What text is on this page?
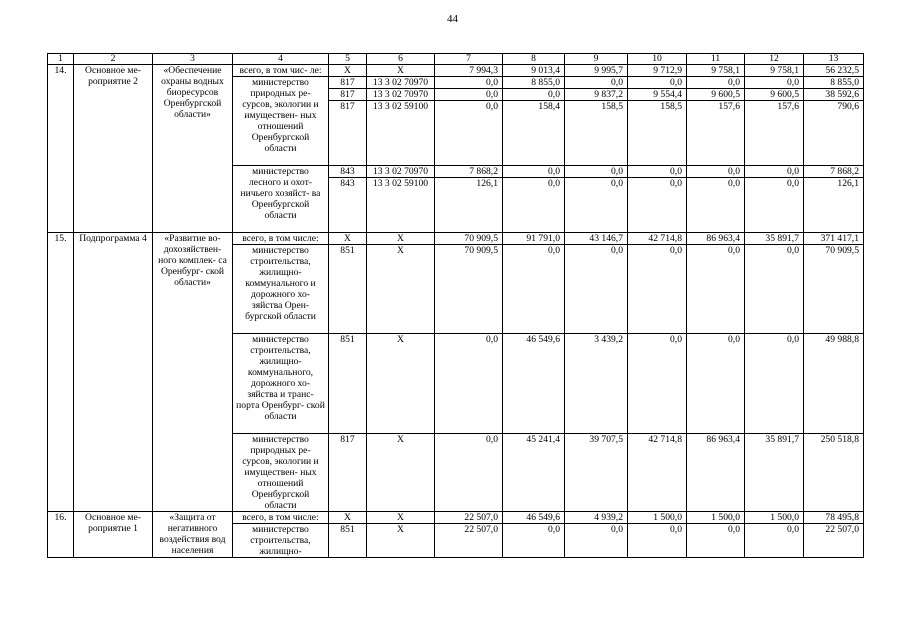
44
1	2	3	4	5	6	7	8	9	10	11	12	13
14.	Основное ме- роприятие 2	«Обеспечение охраны водных биоресурсов Оренбургской области»	всего, в том чис- ле:	Х	Х	7 994,3	9 013,4	9 995,7	9 712,9	9 758,1	9 758,1	56 232,5
			министерство природных ре- сурсов, экологии и имуществен- ных отношений Оренбургской области	817	13 3 02 70970	0,0	8 855,0	0,0	0,0	0,0	0,0	8 855,0
				817	13 3 02 70970	0,0	0,0	9 837,2	9 554,4	9 600,5	9 600,5	38 592,6
				817	13 3 02 59100	0,0	158,4	158,5	158,5	157,6	157,6	790,6
			министерство лесного и охот- ничьего хозяйст- ва Оренбургской области	843	13 3 02 70970	7 868,2	0,0	0,0	0,0	0,0	0,0	7 868,2
				843	13 3 02 59100	126,1	0,0	0,0	0,0	0,0	0,0	126,1
15.	Подпрограмма 4	«Развитие во- дохозяйствен- ного комплек- са Оренбург- ской области»	всего, в том числе:	Х	Х	70 909,5	91 791,0	43 146,7	42 714,8	86 963,4	35 891,7	371 417,1
			министерство строительства, жилищно- коммунального и дорожного хо- зяйства Орен- бургской области	851	Х	70 909,5	0,0	0,0	0,0	0,0	0,0	70 909,5
			министерство строительства, жилищно- коммунального, дорожного хо- зяйства и транс- порта Оренбург- ской области	851	Х	0,0	46 549,6	3 439,2	0,0	0,0	0,0	49 988,8
			министерство природных ре- сурсов, экологии и имуществен- ных отношений Оренбургской области	817	Х	0,0	45 241,4	39 707,5	42 714,8	86 963,4	35 891,7	250 518,8
16.	Основное ме- роприятие 1	«Защита от негативного воздействия вод населения	всего, в том числе:	Х	Х	22 507,0	46 549,6	4 939,2	1 500,0	1 500,0	1 500,0	78 495,8
			министерство строительства, жилищно-	851	Х	22 507,0	0,0	0,0	0,0	0,0	0,0	22 507,0
